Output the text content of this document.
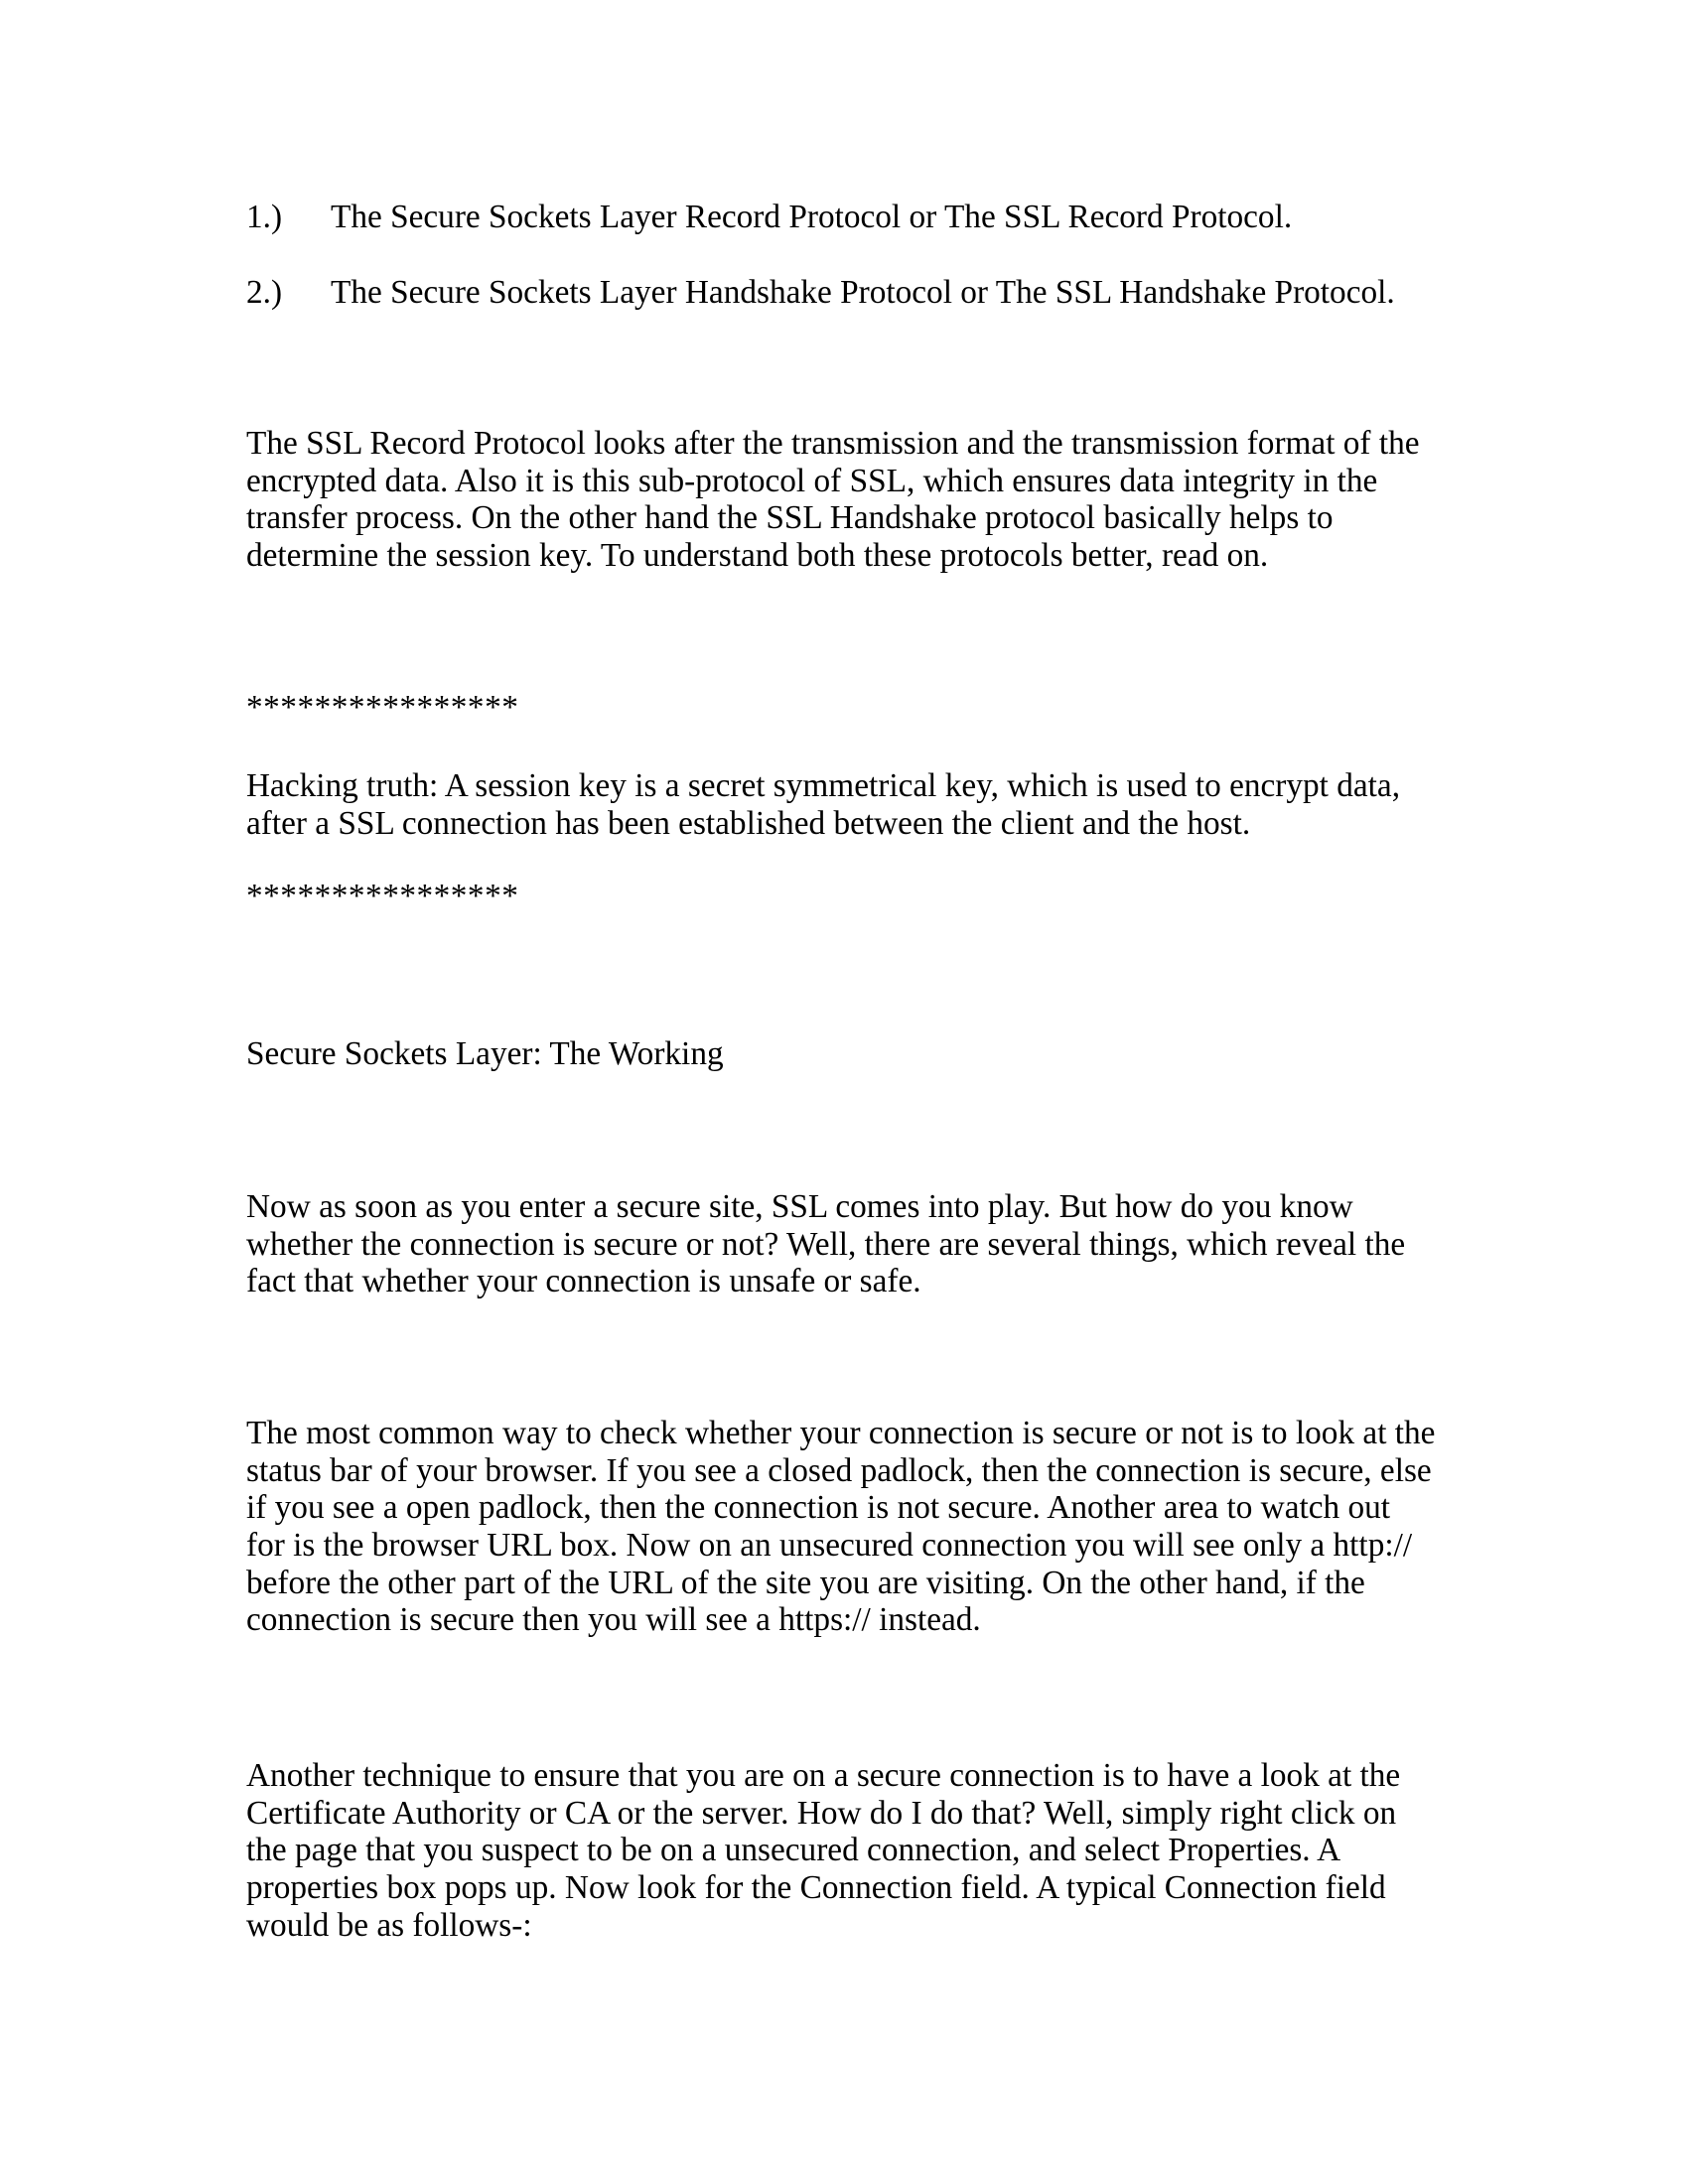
1.) The Secure Sockets Layer Record Protocol or The SSL Record Protocol.
2.) The Secure Sockets Layer Handshake Protocol or The SSL Handshake Protocol.
The SSL Record Protocol looks after the transmission and the transmission format of the
encrypted data. Also it is this sub-protocol of SSL, which ensures data integrity in the
transfer process. On the other hand the SSL Handshake protocol basically helps to
determine the session key. To understand both these protocols better, read on.
****************
Hacking truth: A session key is a secret symmetrical key, which is used to encrypt data,
after a SSL connection has been established between the client and the host.
****************
Secure Sockets Layer: The Working
Now as soon as you enter a secure site, SSL comes into play. But how do you know
whether the connection is secure or not? Well, there are several things, which reveal the
fact that whether your connection is unsafe or safe.
The most common way to check whether your connection is secure or not is to look at the
status bar of your browser. If you see a closed padlock, then the connection is secure, else
if you see a open padlock, then the connection is not secure. Another area to watch out
for is the browser URL box. Now on an unsecured connection you will see only a http://
before the other part of the URL of the site you are visiting. On the other hand, if the
connection is secure then you will see a https:// instead.
Another technique to ensure that you are on a secure connection is to have a look at the
Certificate Authority or CA or the server. How do I do that? Well, simply right click on
the page that you suspect to be on a unsecured connection, and select Properties. A
properties box pops up. Now look for the Connection field. A typical Connection field
would be as follows-:
